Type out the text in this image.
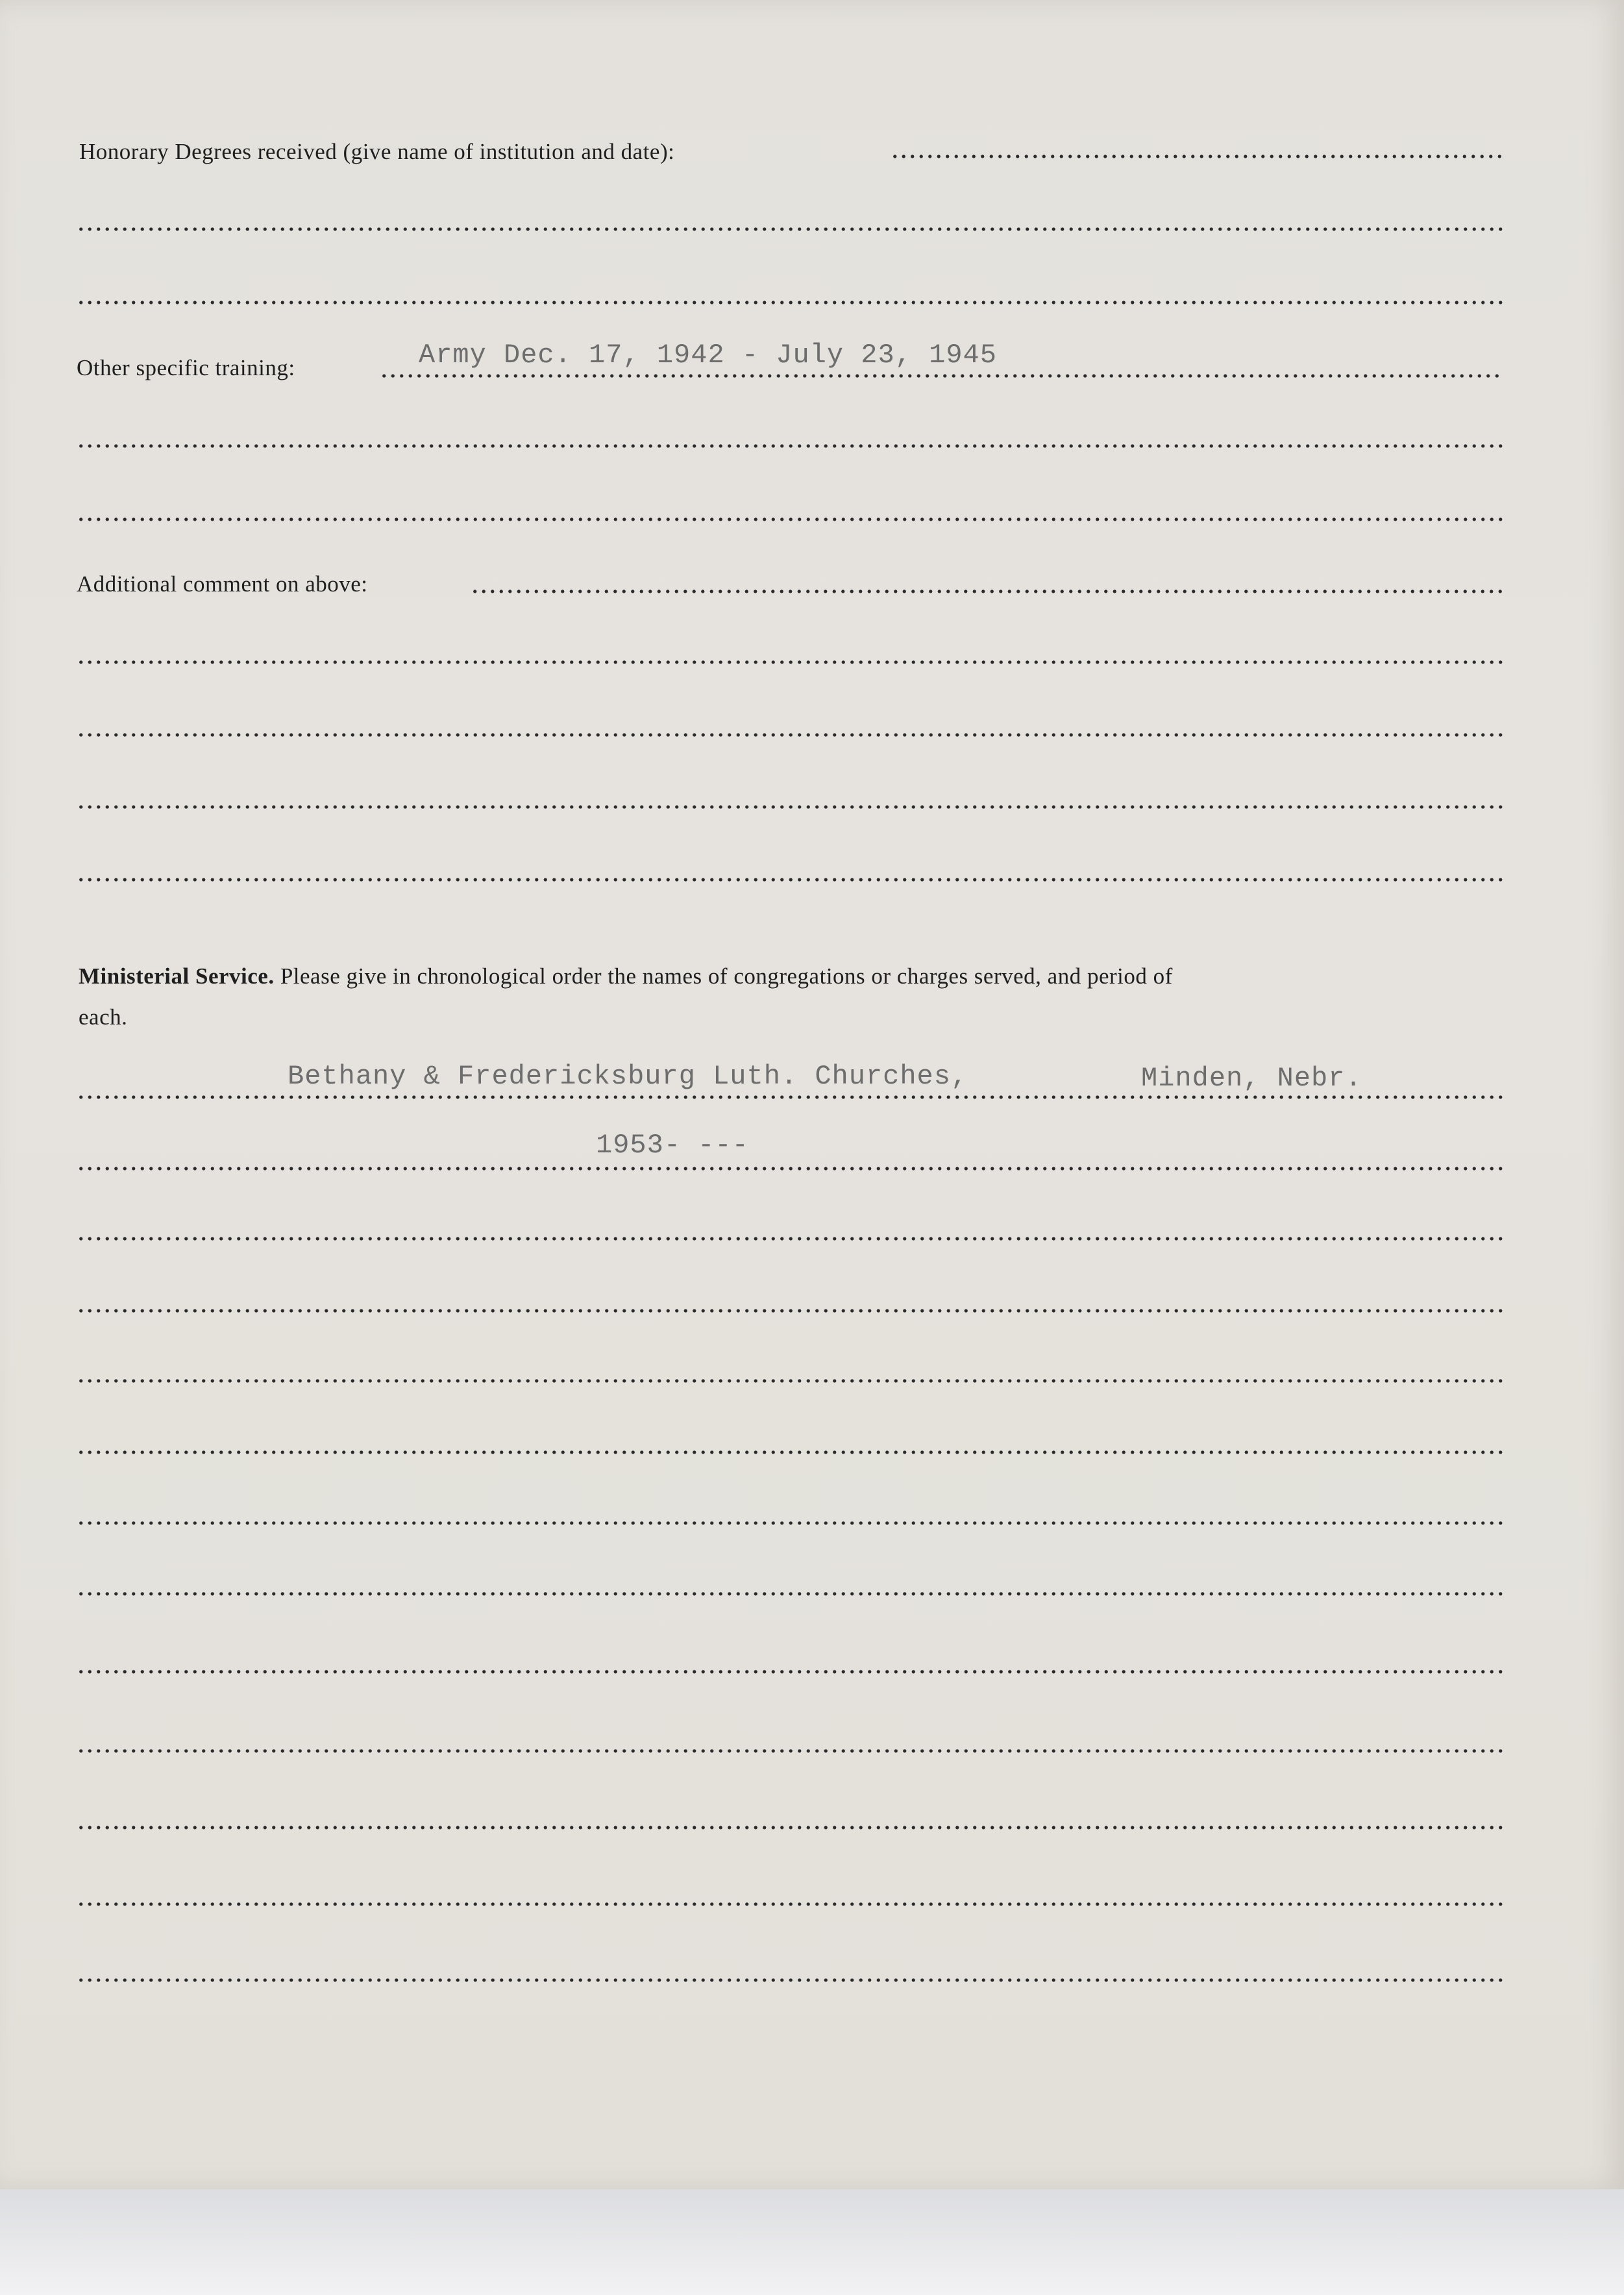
Honorary Degrees received (give name of institution and date):
Other specific training:	Army Dec. 17, 1942 - July 23, 1945
Additional comment on above:
Ministerial Service. Please give in chronological order the names of congregations or charges served, and period of
each.
Bethany & Fredericksburg Luth. Churches,	Minden, Nebr.
1953- ---
